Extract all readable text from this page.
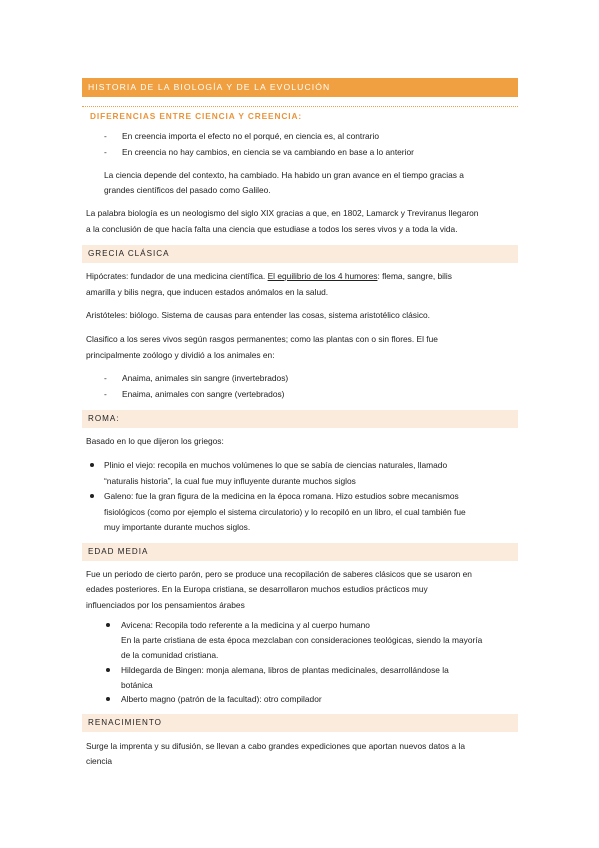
HISTORIA DE LA BIOLOGÍA Y DE LA EVOLUCIÓN
DIFERENCIAS ENTRE CIENCIA Y CREENCIA:
- En creencia importa el efecto no el porqué, en ciencia es, al contrario
- En creencia no hay cambios, en ciencia se va cambiando en base a lo anterior
La ciencia depende del contexto, ha cambiado. Ha habido un gran avance en el tiempo gracias a
grandes científicos del pasado como Galileo.
La palabra biología es un neologismo del siglo XIX gracias a que, en 1802, Lamarck y Treviranus llegaron
a la conclusión de que hacía falta una ciencia que estudiase a todos los seres vivos y a toda la vida.
GRECIA CLÁSICA
Hipócrates: fundador de una medicina científica. El equilibrio de los 4 humores: flema, sangre, bilis
amarilla y bilis negra, que inducen estados anómalos en la salud.
Aristóteles: biólogo. Sistema de causas para entender las cosas, sistema aristotélico clásico.
Clasifico a los seres vivos según rasgos permanentes; como las plantas con o sin flores. El fue
principalmente zoólogo y dividió a los animales en:
- Anaima, animales sin sangre (invertebrados)
- Enaima, animales con sangre (vertebrados)
ROMA:
Basado en lo que dijeron los griegos:
Plinio el viejo: recopila en muchos volúmenes lo que se sabía de ciencias naturales, llamado
“naturalis historia”, la cual fue muy influyente durante muchos siglos
Galeno: fue la gran figura de la medicina en la época romana. Hizo estudios sobre mecanismos
fisiológicos (como por ejemplo el sistema circulatorio) y lo recopiló en un libro, el cual también fue
muy importante durante muchos siglos.
EDAD MEDIA
Fue un periodo de cierto parón, pero se produce una recopilación de saberes clásicos que se usaron en
edades posteriores. En la Europa cristiana, se desarrollaron muchos estudios prácticos muy
influenciados por los pensamientos árabes
Avicena: Recopila todo referente a la medicina y al cuerpo humano
En la parte cristiana de esta época mezclaban con consideraciones teológicas, siendo la mayoría
de la comunidad cristiana.
Hildegarda de Bingen: monja alemana, libros de plantas medicinales, desarrollándose la
botánica
Alberto magno (patrón de la facultad): otro compilador
RENACIMIENTO
Surge la imprenta y su difusión, se llevan a cabo grandes expediciones que aportan nuevos datos a la
ciencia
